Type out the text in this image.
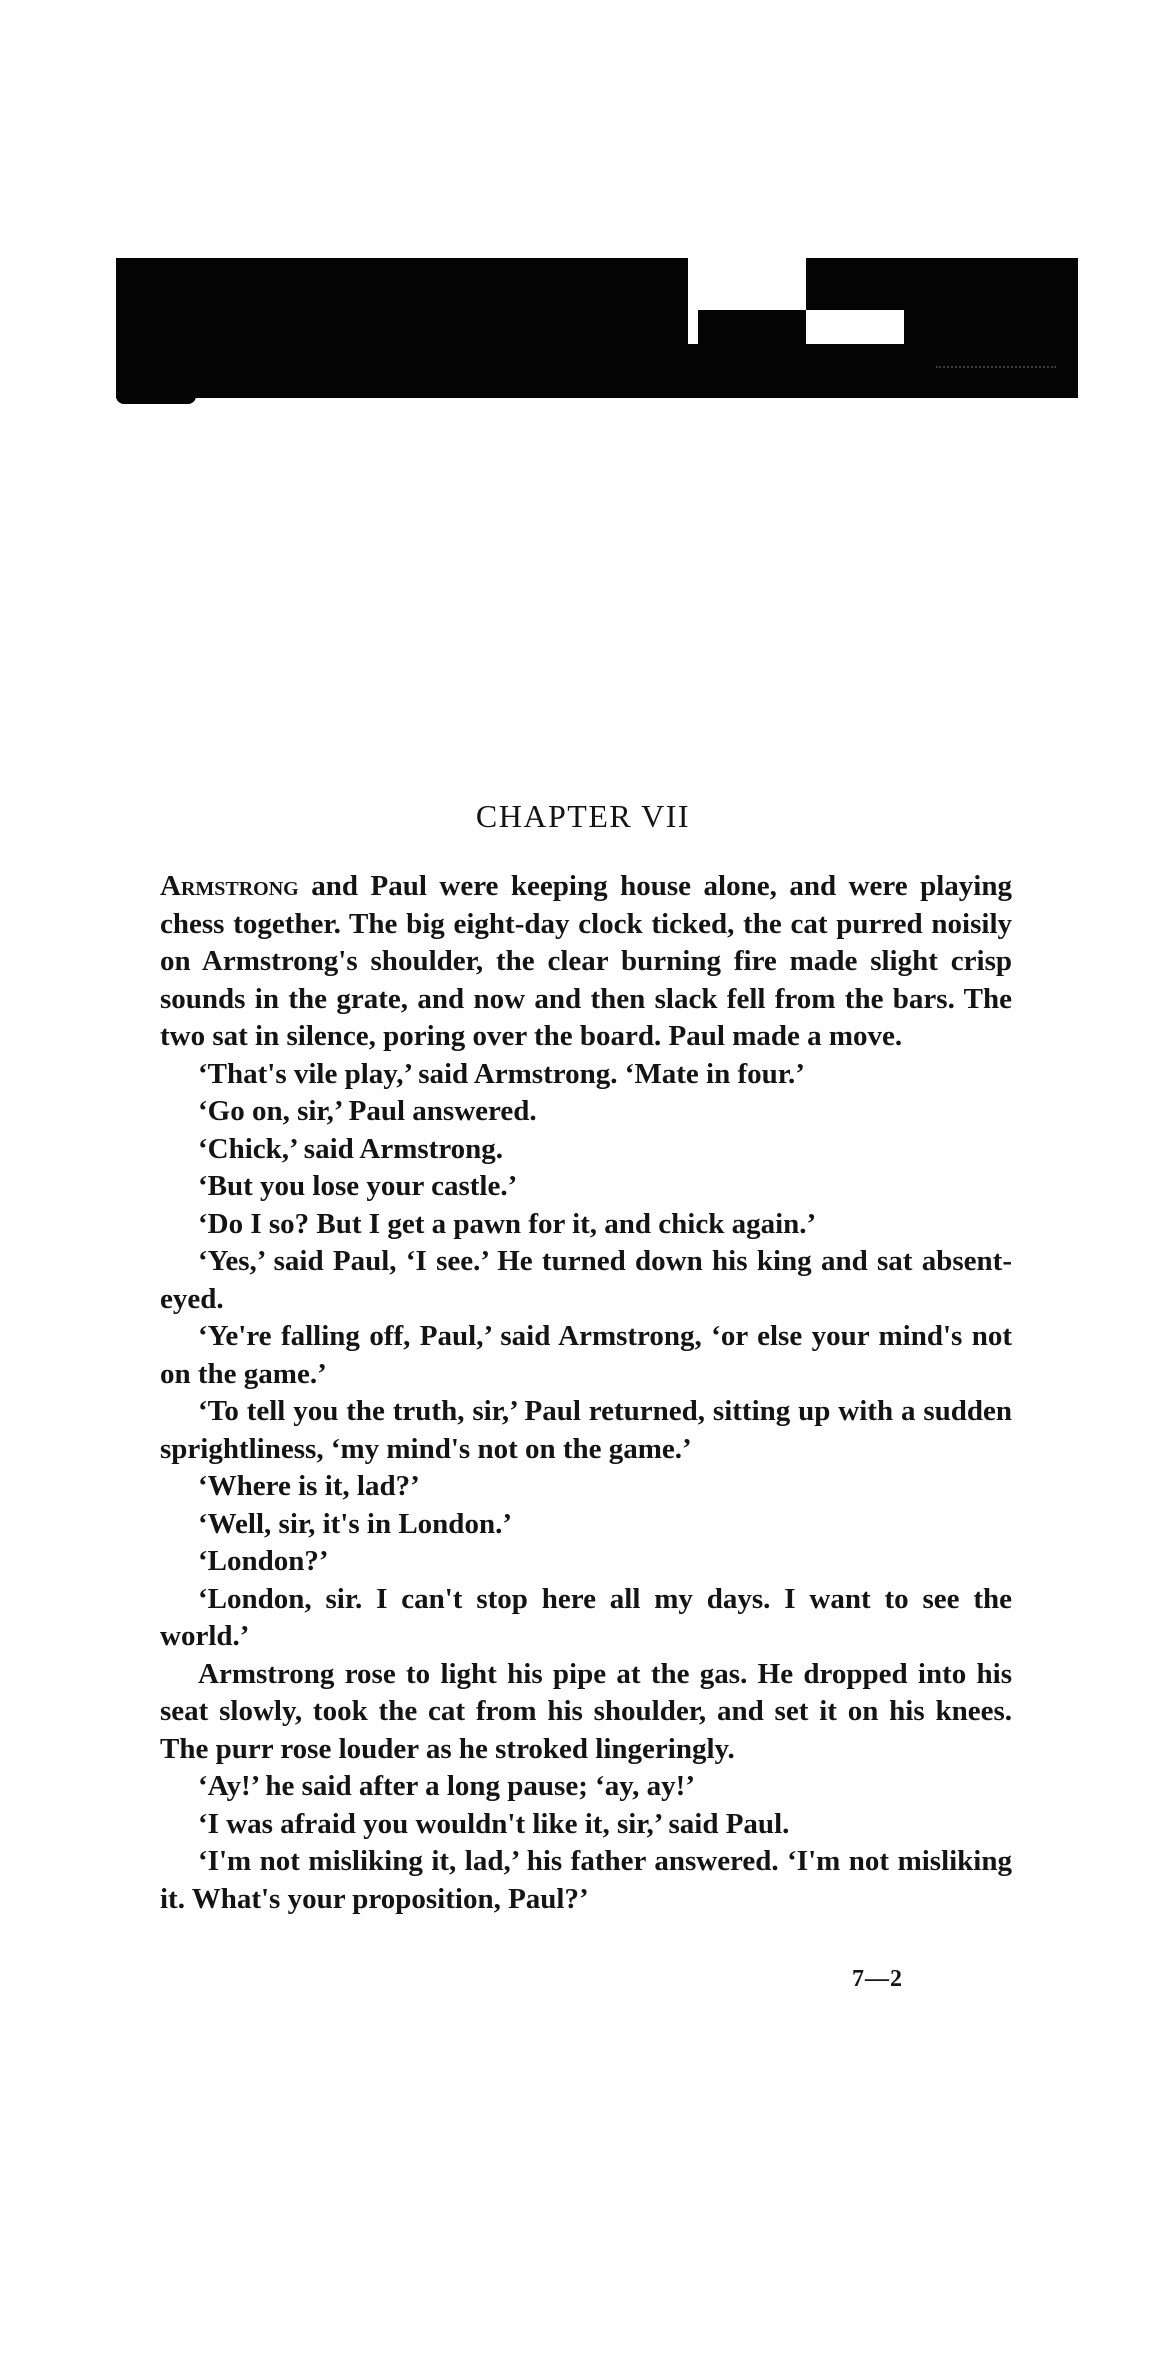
CHAPTER VII

Armstrong and Paul were keeping house alone, and were playing chess together. The big eight-day clock ticked, the cat purred noisily on Armstrong's shoulder, the clear burning fire made slight crisp sounds in the grate, and now and then slack fell from the bars. The two sat in silence, poring over the board. Paul made a move.

‘That's vile play,’ said Armstrong. ‘Mate in four.’

‘Go on, sir,’ Paul answered.

‘Chick,’ said Armstrong.

‘But you lose your castle.’

‘Do I so? But I get a pawn for it, and chick again.’

‘Yes,’ said Paul, ‘I see.’ He turned down his king and sat absent-eyed.

‘Ye're falling off, Paul,’ said Armstrong, ‘or else your mind's not on the game.’

‘To tell you the truth, sir,’ Paul returned, sitting up with a sudden sprightliness, ‘my mind's not on the game.’

‘Where is it, lad?’

‘Well, sir, it's in London.’

‘London?’

‘London, sir. I can't stop here all my days. I want to see the world.’

Armstrong rose to light his pipe at the gas. He dropped into his seat slowly, took the cat from his shoulder, and set it on his knees. The purr rose louder as he stroked lingeringly.

‘Ay!’ he said after a long pause; ‘ay, ay!’

‘I was afraid you wouldn't like it, sir,’ said Paul.

‘I'm not misliking it, lad,’ his father answered. ‘I'm not misliking it. What's your proposition, Paul?’

7—2
